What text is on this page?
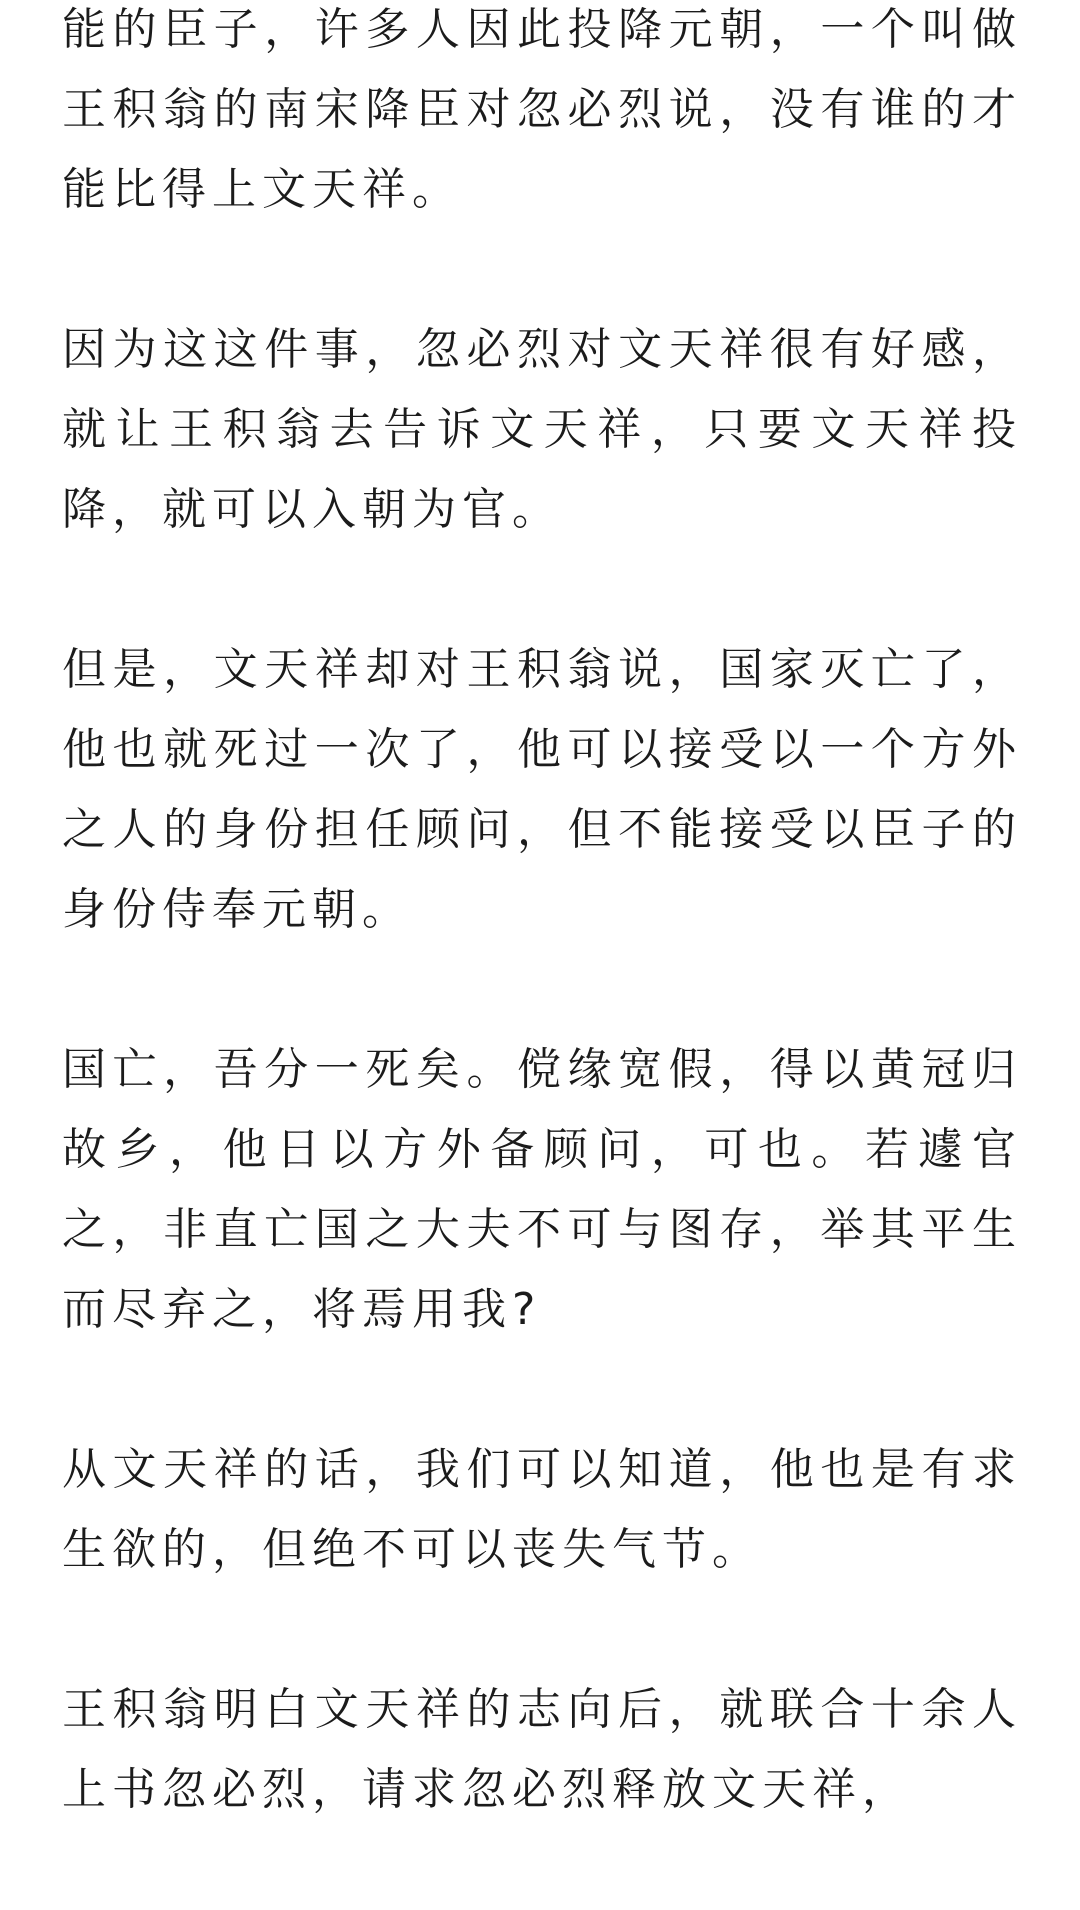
能的臣子，许多人因此投降元朝，一个叫做王积翁的南宋降臣对忽必烈说，没有谁的才能比得上文天祥。

因为这这件事，忽必烈对文天祥很有好感，就让王积翁去告诉文天祥，只要文天祥投降，就可以入朝为官。

但是，文天祥却对王积翁说，国家灭亡了，他也就死过一次了，他可以接受以一个方外之人的身份担任顾问，但不能接受以臣子的身份侍奉元朝。

国亡，吾分一死矣。傥缘宽假，得以黄冠归故乡，他日以方外备顾问，可也。若遽官之，非直亡国之大夫不可与图存，举其平生而尽弃之，将焉用我?

从文天祥的话，我们可以知道，他也是有求生欲的，但绝不可以丧失气节。

王积翁明白文天祥的志向后，就联合十余人上书忽必烈，请求忽必烈释放文天祥，
